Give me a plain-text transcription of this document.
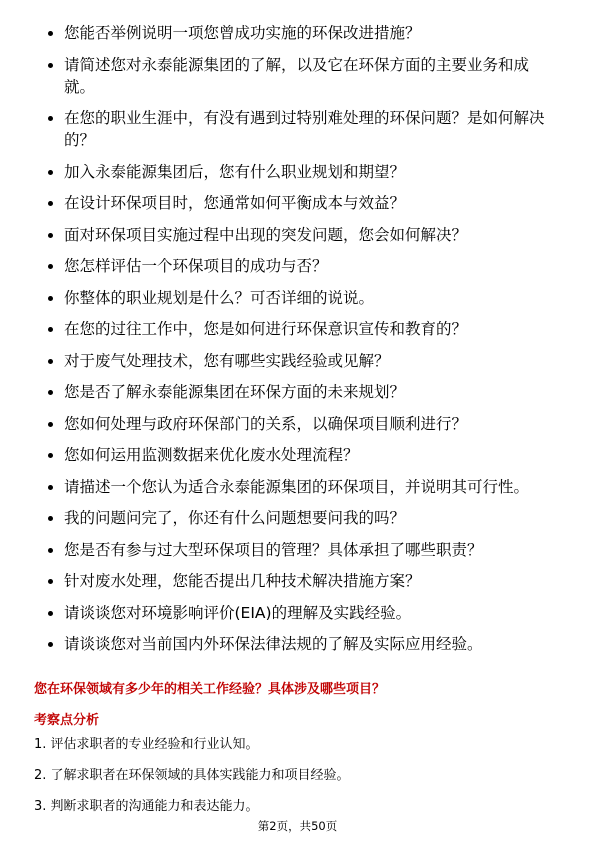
您能否举例说明一项您曾成功实施的环保改进措施？
请简述您对永泰能源集团的了解，以及它在环保方面的主要业务和成就。
在您的职业生涯中，有没有遇到过特别难处理的环保问题？是如何解决的？
加入永泰能源集团后，您有什么职业规划和期望？
在设计环保项目时，您通常如何平衡成本与效益？
面对环保项目实施过程中出现的突发问题，您会如何解决？
您怎样评估一个环保项目的成功与否？
你整体的职业规划是什么？可否详细的说说。
在您的过往工作中，您是如何进行环保意识宣传和教育的？
对于废气处理技术，您有哪些实践经验或见解？
您是否了解永泰能源集团在环保方面的未来规划？
您如何处理与政府环保部门的关系，以确保项目顺利进行？
您如何运用监测数据来优化废水处理流程？
请描述一个您认为适合永泰能源集团的环保项目，并说明其可行性。
我的问题问完了，你还有什么问题想要问我的吗？
您是否有参与过大型环保项目的管理？具体承担了哪些职责？
针对废水处理，您能否提出几种技术解决措施方案？
请谈谈您对环境影响评价(EIA)的理解及实践经验。
请谈谈您对当前国内外环保法律法规的了解及实际应用经验。

您在环保领域有多少年的相关工作经验？具体涉及哪些项目？

考察点分析

1. 评估求职者的专业经验和行业认知。
2. 了解求职者在环保领域的具体实践能力和项目经验。
3. 判断求职者的沟通能力和表达能力。
第2页，共50页
